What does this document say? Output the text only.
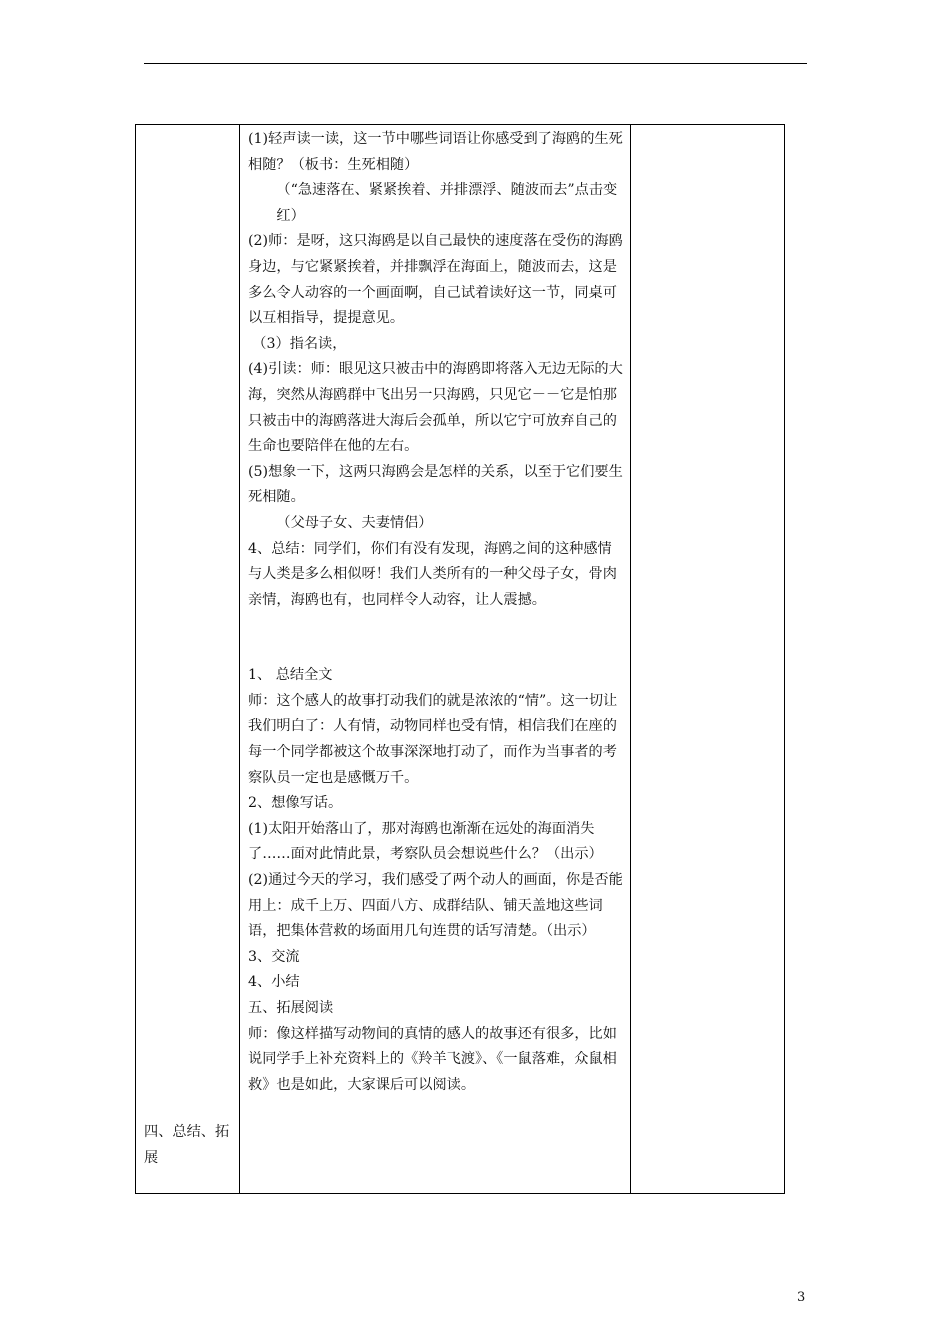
四、总结、拓展

(1)轻声读一读，这一节中哪些词语让你感受到了海鸥的生死相随？（板书：生死相随）

（“急速落在、紧紧挨着、并排漂浮、随波而去”点击变红）

(2)师：是呀，这只海鸥是以自己最快的速度落在受伤的海鸥身边，与它紧紧挨着，并排飘浮在海面上，随波而去，这是多么令人动容的一个画面啊，自己试着读好这一节，同桌可以互相指导，提提意见。

（3）指名读，

(4)引读：师：眼见这只被击中的海鸥即将落入无边无际的大海，突然从海鸥群中飞出另一只海鸥，只见它－－它是怕那只被击中的海鸥落进大海后会孤单，所以它宁可放弃自己的生命也要陪伴在他的左右。

(5)想象一下，这两只海鸥会是怎样的关系，以至于它们要生死相随。

（父母子女、夫妻情侣）

4、总结：同学们，你们有没有发现，海鸥之间的这种感情与人类是多么相似呀！我们人类所有的一种父母子女，骨肉亲情，海鸥也有，也同样令人动容，让人震撼。

1、 总结全文

师：这个感人的故事打动我们的就是浓浓的“情”。这一切让我们明白了：人有情，动物同样也受有情，相信我们在座的每一个同学都被这个故事深深地打动了，而作为当事者的考察队员一定也是感慨万千。

2、想像写话。

(1)太阳开始落山了，那对海鸥也渐渐在远处的海面消失了……面对此情此景，考察队员会想说些什么？（出示）

(2)通过今天的学习，我们感受了两个动人的画面，你是否能用上：成千上万、四面八方、成群结队、铺天盖地这些词语，把集体营救的场面用几句连贯的话写清楚。（出示）

3、交流

4、小结

五、拓展阅读

师：像这样描写动物间的真情的感人的故事还有很多，比如说同学手上补充资料上的《羚羊飞渡》、《一鼠落难，众鼠相救》也是如此，大家课后可以阅读。

3
